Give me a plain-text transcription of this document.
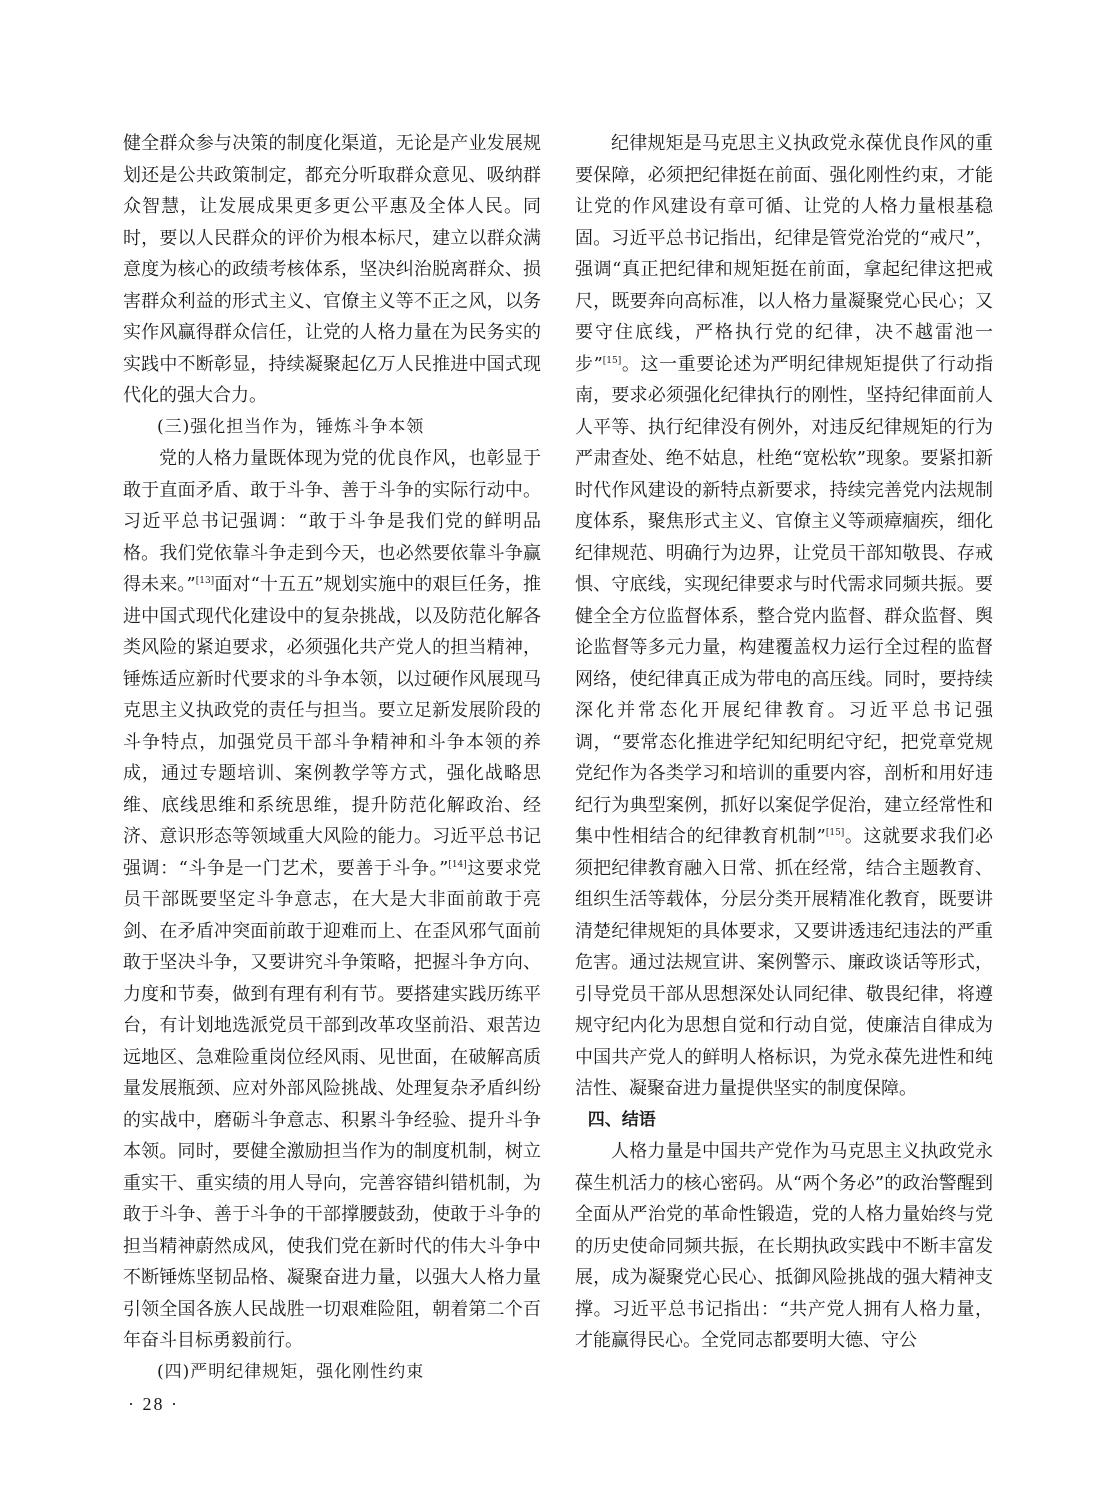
健全群众参与决策的制度化渠道，无论是产业发展规划还是公共政策制定，都充分听取群众意见、吸纳群众智慧，让发展成果更多更公平惠及全体人民。同时，要以人民群众的评价为根本标尺，建立以群众满意度为核心的政绩考核体系，坚决纠治脱离群众、损害群众利益的形式主义、官僚主义等不正之风，以务实作风赢得群众信任，让党的人格力量在为民务实的实践中不断彰显，持续凝聚起亿万人民推进中国式现代化的强大合力。

(三)强化担当作为，锤炼斗争本领

党的人格力量既体现为党的优良作风，也彰显于敢于直面矛盾、敢于斗争、善于斗争的实际行动中。习近平总书记强调：“敢于斗争是我们党的鲜明品格。我们党依靠斗争走到今天，也必然要依靠斗争赢得未来。”[13]面对“十五五”规划实施中的艰巨任务，推进中国式现代化建设中的复杂挑战，以及防范化解各类风险的紧迫要求，必须强化共产党人的担当精神，锤炼适应新时代要求的斗争本领，以过硬作风展现马克思主义执政党的责任与担当。要立足新发展阶段的斗争特点，加强党员干部斗争精神和斗争本领的养成，通过专题培训、案例教学等方式，强化战略思维、底线思维和系统思维，提升防范化解政治、经济、意识形态等领域重大风险的能力。习近平总书记强调：“斗争是一门艺术，要善于斗争。”[14]这要求党员干部既要坚定斗争意志，在大是大非面前敢于亮剑、在矛盾冲突面前敢于迎难而上、在歪风邪气面前敢于坚决斗争，又要讲究斗争策略，把握斗争方向、力度和节奏，做到有理有利有节。要搭建实践历练平台，有计划地选派党员干部到改革攻坚前沿、艰苦边远地区、急难险重岗位经风雨、见世面，在破解高质量发展瓶颈、应对外部风险挑战、处理复杂矛盾纠纷的实战中，磨砺斗争意志、积累斗争经验、提升斗争本领。同时，要健全激励担当作为的制度机制，树立重实干、重实绩的用人导向，完善容错纠错机制，为敢于斗争、善于斗争的干部撑腰鼓劲，使敢于斗争的担当精神蔚然成风，使我们党在新时代的伟大斗争中不断锤炼坚韧品格、凝聚奋进力量，以强大人格力量引领全国各族人民战胜一切艰难险阻，朝着第二个百年奋斗目标勇毅前行。

(四)严明纪律规矩，强化刚性约束

纪律规矩是马克思主义执政党永葆优良作风的重要保障，必须把纪律挺在前面、强化刚性约束，才能让党的作风建设有章可循、让党的人格力量根基稳固。习近平总书记指出，纪律是管党治党的“戒尺”，强调“真正把纪律和规矩挺在前面，拿起纪律这把戒尺，既要奔向高标准，以人格力量凝聚党心民心；又要守住底线，严格执行党的纪律，决不越雷池一步”[15]。这一重要论述为严明纪律规矩提供了行动指南，要求必须强化纪律执行的刚性，坚持纪律面前人人平等、执行纪律没有例外，对违反纪律规矩的行为严肃查处、绝不姑息，杜绝“宽松软”现象。要紧扣新时代作风建设的新特点新要求，持续完善党内法规制度体系，聚焦形式主义、官僚主义等顽瘴痼疾，细化纪律规范、明确行为边界，让党员干部知敬畏、存戒惧、守底线，实现纪律要求与时代需求同频共振。要健全全方位监督体系，整合党内监督、群众监督、舆论监督等多元力量，构建覆盖权力运行全过程的监督网络，使纪律真正成为带电的高压线。同时，要持续深化并常态化开展纪律教育。习近平总书记强调，“要常态化推进学纪知纪明纪守纪，把党章党规党纪作为各类学习和培训的重要内容，剖析和用好违纪行为典型案例，抓好以案促学促治，建立经常性和集中性相结合的纪律教育机制”[15]。这就要求我们必须把纪律教育融入日常、抓在经常，结合主题教育、组织生活等载体，分层分类开展精准化教育，既要讲清楚纪律规矩的具体要求，又要讲透违纪违法的严重危害。通过法规宣讲、案例警示、廉政谈话等形式，引导党员干部从思想深处认同纪律、敬畏纪律，将遵规守纪内化为思想自觉和行动自觉，使廉洁自律成为中国共产党人的鲜明人格标识，为党永葆先进性和纯洁性、凝聚奋进力量提供坚实的制度保障。

四、结语

人格力量是中国共产党作为马克思主义执政党永葆生机活力的核心密码。从“两个务必”的政治警醒到全面从严治党的革命性锻造，党的人格力量始终与党的历史使命同频共振，在长期执政实践中不断丰富发展，成为凝聚党心民心、抵御风险挑战的强大精神支撑。习近平总书记指出：“共产党人拥有人格力量，才能赢得民心。全党同志都要明大德、守公

· 28 ·
